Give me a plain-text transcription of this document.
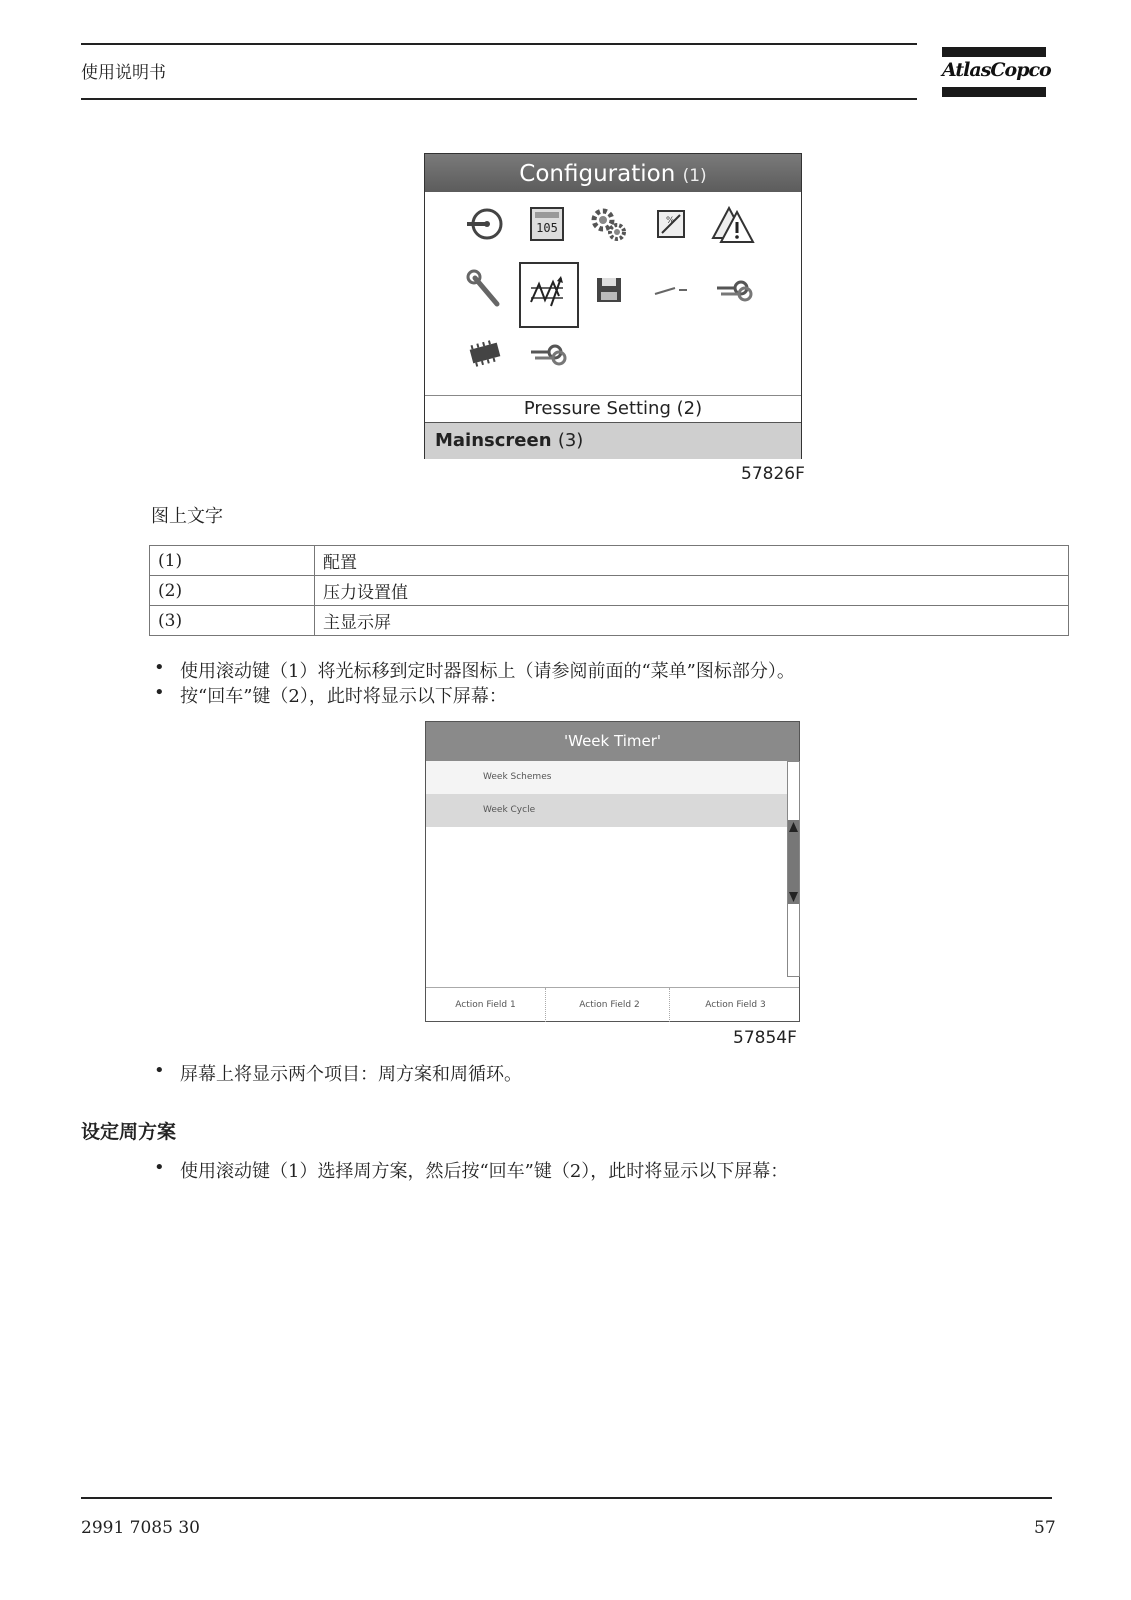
使用说明书	AtlasCopco
Configuration (1)
105	%
Pressure Setting (2)
Mainscreen (3)
57826F
图上文字
(1)	配置
(2)	压力设置值
(3)	主显示屏
• 使用滚动键（1）将光标移到定时器图标上（请参阅前面的“菜单”图标部分）。
• 按“回车”键（2），此时将显示以下屏幕：
'Week Timer'
Week Schemes
Week Cycle
Action Field 1	Action Field 2	Action Field 3
57854F
• 屏幕上将显示两个项目：周方案和周循环。
设定周方案
• 使用滚动键（1）选择周方案，然后按“回车”键（2），此时将显示以下屏幕：
2991 7085 30	57
